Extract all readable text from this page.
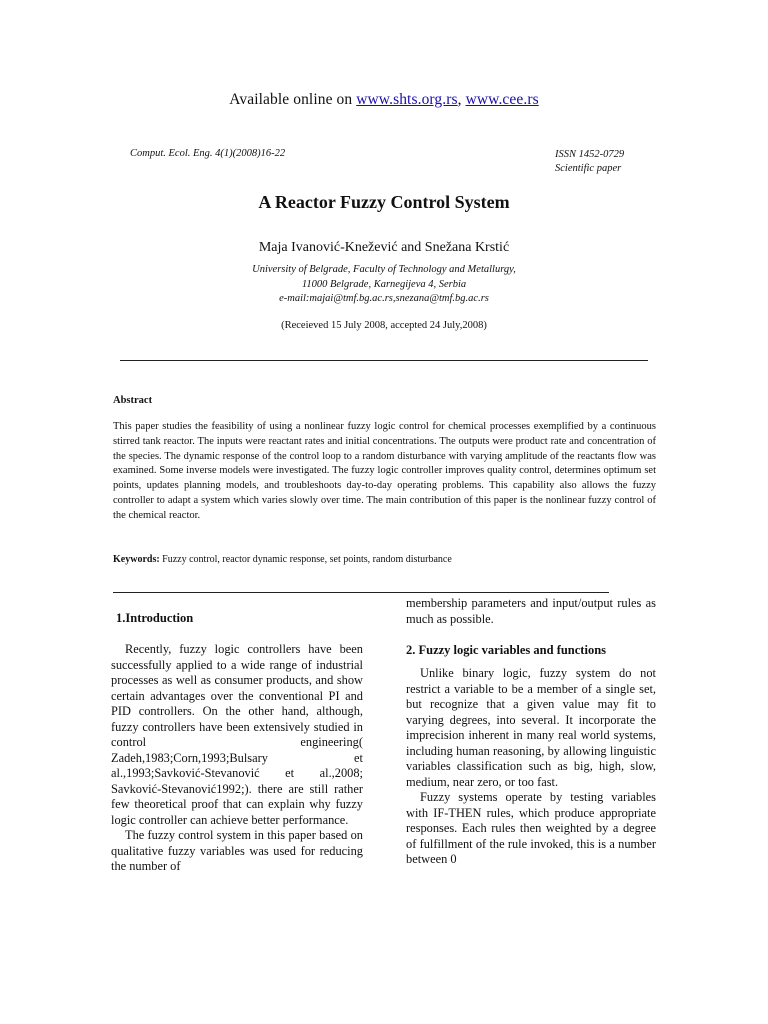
Available online on www.shts.org.rs, www.cee.rs
Comput. Ecol. Eng. 4(1)(2008)16-22	ISSN 1452-0729
Scientific paper
A Reactor Fuzzy Control System
Maja Ivanović-Knežević and Snežana Krstić
University of Belgrade, Faculty of Technology and Metallurgy,
11000 Belgrade, Karnegijeva 4, Serbia
e-mail:majai@tmf.bg.ac.rs,snezana@tmf.bg.ac.rs
(Receieved 15 July 2008, accepted 24 July,2008)
Abstract
This paper studies the feasibility of using a nonlinear fuzzy logic control for chemical processes exemplified by a continuous stirred tank reactor. The inputs were reactant rates and initial concentrations. The outputs were product rate and concentration of the species. The dynamic response of the control loop to a random disturbance with varying amplitude of the reactants flow was examined. Some inverse models were investigated. The fuzzy logic controller improves quality control, determines optimum set points, updates planning models, and troubleshoots day-to-day operating problems. This capability also allows the fuzzy controller to adapt a system which varies slowly over time. The main contribution of this paper is the nonlinear fuzzy control of the chemical reactor.
Keywords: Fuzzy control, reactor dynamic response, set points, random disturbance
1.Introduction

Recently, fuzzy logic controllers have been successfully applied to a wide range of industrial processes as well as consumer products, and show certain advantages over the conventional PI and PID controllers. On the other hand, although, fuzzy controllers have been extensively studied in control engineering( Zadeh,1983;Corn,1993;Bulsary et al.,1993;Savković-Stevanović et al.,2008; Savković-Stevanović1992;). there are still rather few theoretical proof that can explain why fuzzy logic controller can achieve better performance.

The fuzzy control system in this paper based on qualitative fuzzy variables was used for reducing the number of

membership parameters and input/output rules as much as possible.
2. Fuzzy logic variables and functions

Unlike binary logic, fuzzy system do not restrict a variable to be a member of a single set, but recognize that a given value may fit to varying degrees, into several. It incorporate the imprecision inherent in many real world systems, including human reasoning, by allowing linguistic variables classification such as big, high, slow, medium, near zero, or too fast.

Fuzzy systems operate by testing variables with IF-THEN rules, which produce appropriate responses. Each rules then weighted by a degree of fulfillment of the rule invoked, this is a number between 0
